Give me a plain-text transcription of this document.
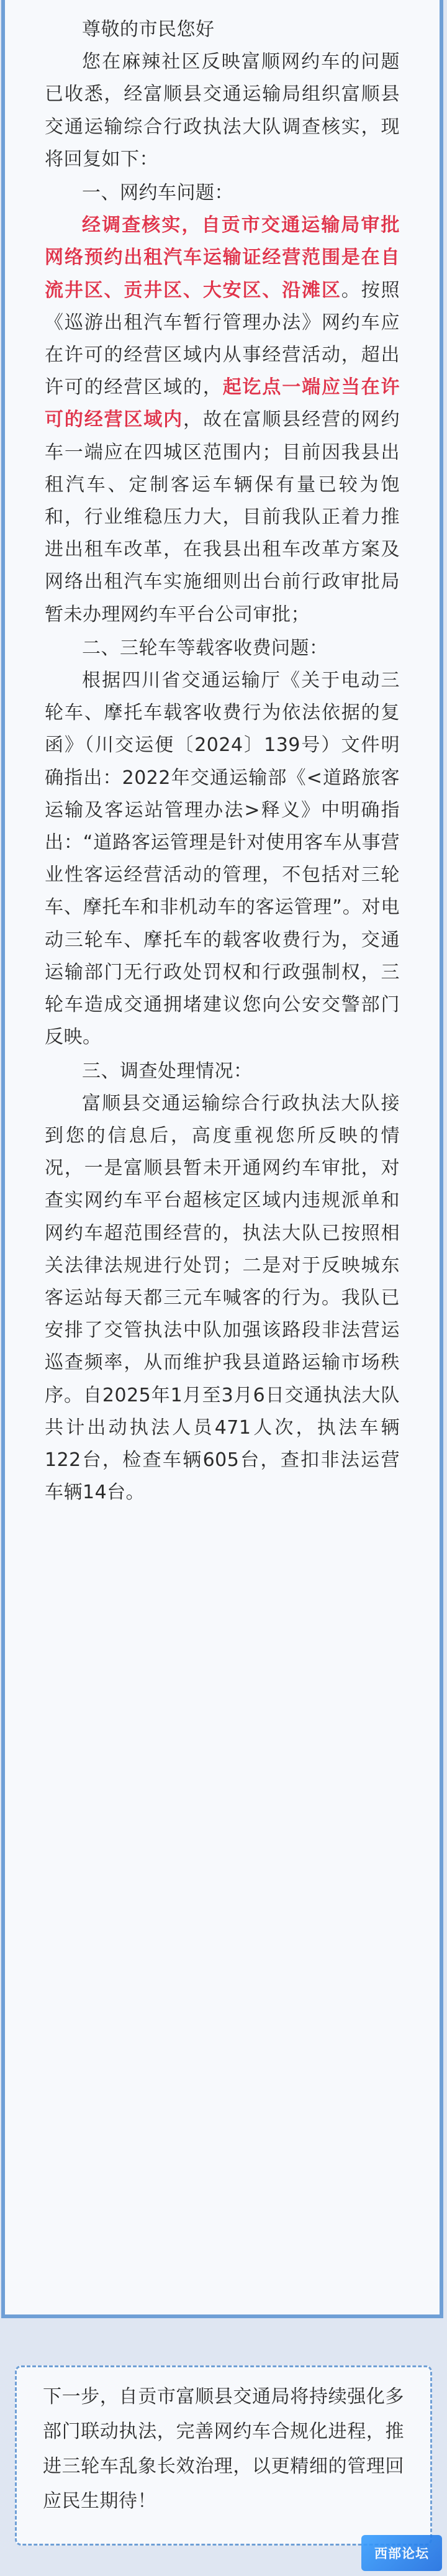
尊敬的市民您好

您在麻辣社区反映富顺网约车的问题已收悉，经富顺县交通运输局组织富顺县交通运输综合行政执法大队调查核实，现将回复如下：

一、网约车问题：

经调查核实，自贡市交通运输局审批网络预约出租汽车运输证经营范围是在自流井区、贡井区、大安区、沿滩区。按照《巡游出租汽车暂行管理办法》网约车应在许可的经营区域内从事经营活动，超出许可的经营区域的，起讫点一端应当在许可的经营区域内，故在富顺县经营的网约车一端应在四城区范围内；目前因我县出租汽车、定制客运车辆保有量已较为饱和，行业维稳压力大，目前我队正着力推进出租车改革，在我县出租车改革方案及网络出租汽车实施细则出台前行政审批局暂未办理网约车平台公司审批；

二、三轮车等载客收费问题：

根据四川省交通运输厅《关于电动三轮车、摩托车载客收费行为依法依据的复函》（川交运便〔2024〕139号）文件明确指出：2022年交通运输部《<道路旅客运输及客运站管理办法>释义》中明确指出：“道路客运管理是针对使用客车从事营业性客运经营活动的管理，不包括对三轮车、摩托车和非机动车的客运管理”。对电动三轮车、摩托车的载客收费行为，交通运输部门无行政处罚权和行政强制权，三轮车造成交通拥堵建议您向公安交警部门反映。

三、调查处理情况：

富顺县交通运输综合行政执法大队接到您的信息后，高度重视您所反映的情况，一是富顺县暂未开通网约车审批，对查实网约车平台超核定区域内违规派单和网约车超范围经营的，执法大队已按照相关法律法规进行处罚；二是对于反映城东客运站每天都三元车喊客的行为。我队已安排了交管执法中队加强该路段非法营运巡查频率，从而维护我县道路运输市场秩序。自2025年1月至3月6日交通执法大队共计出动执法人员471人次，执法车辆122台，检查车辆605台，查扣非法运营车辆14台。

下一步，自贡市富顺县交通局将持续强化多部门联动执法，完善网约车合规化进程，推进三轮车乱象长效治理，以更精细的管理回应民生期待！

西部论坛
